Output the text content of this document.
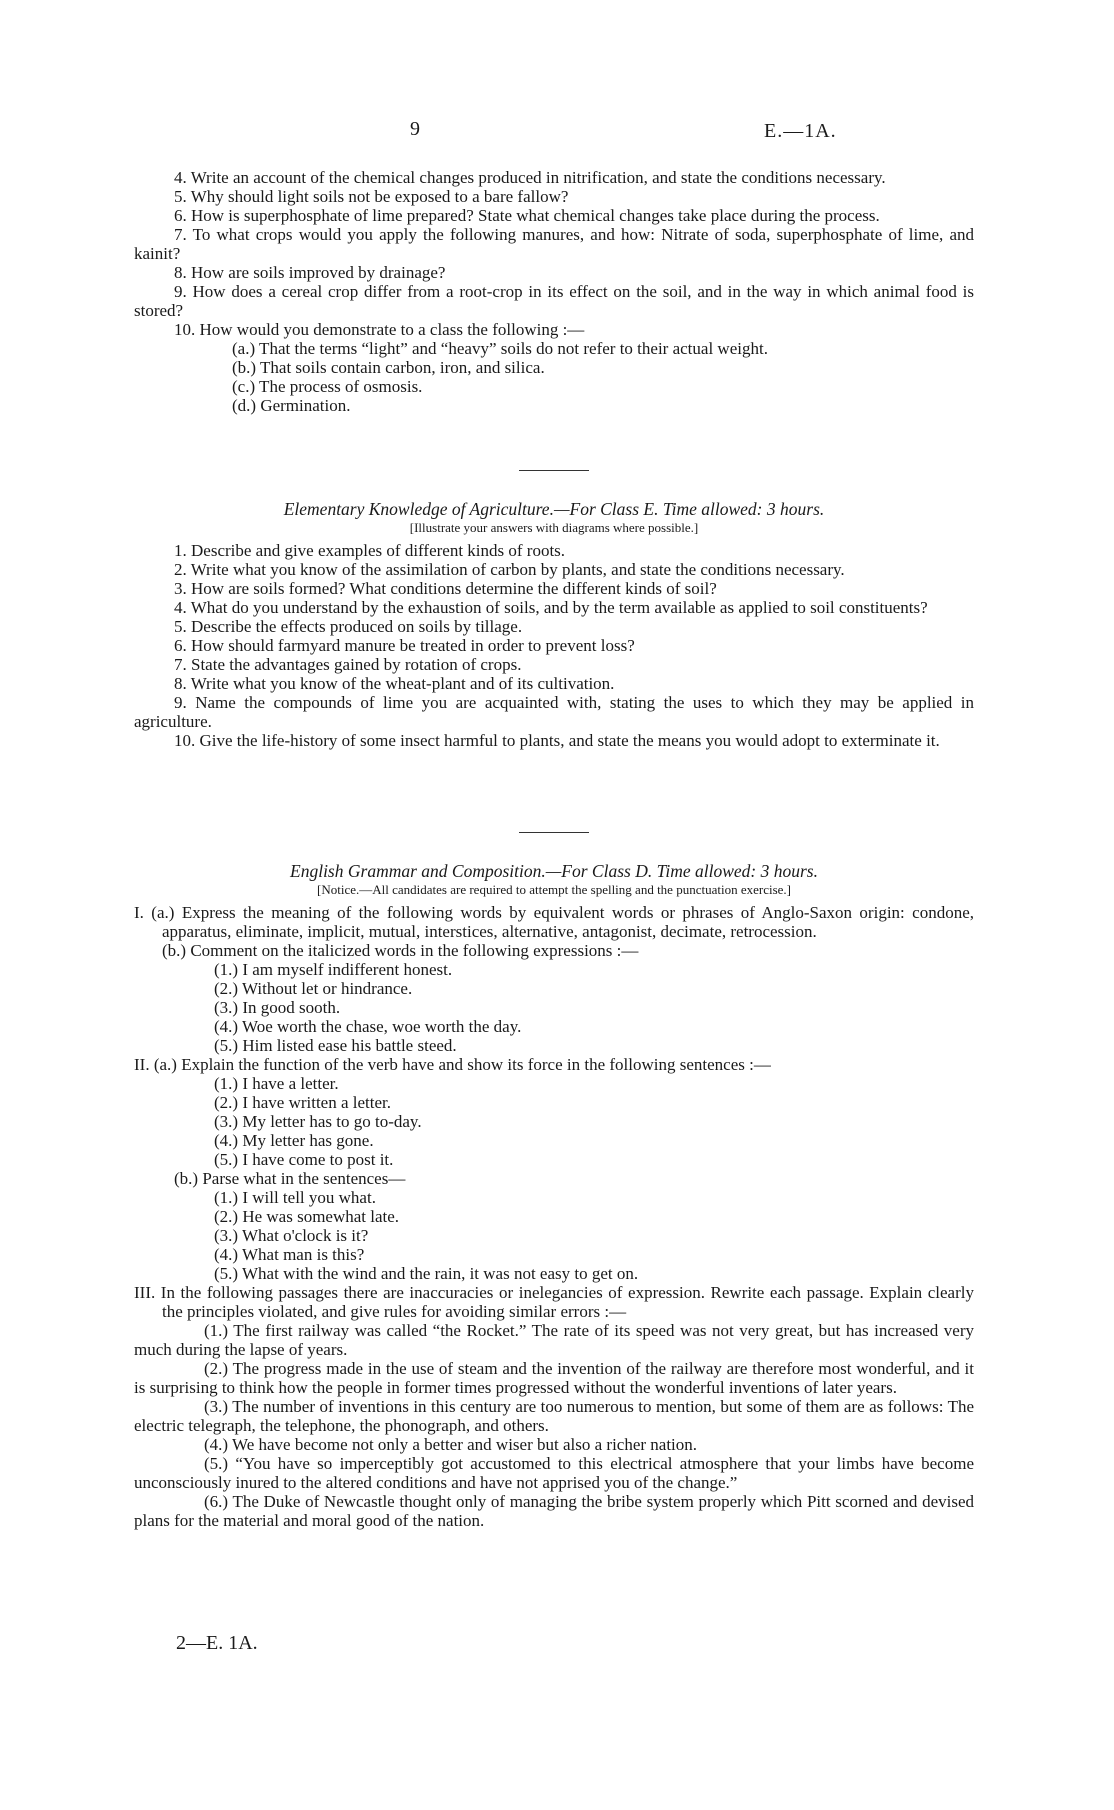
9	E.—1A.

4. Write an account of the chemical changes produced in nitrification, and state the conditions necessary.

5. Why should light soils not be exposed to a bare fallow?

6. How is superphosphate of lime prepared? State what chemical changes take place during the process.

7. To what crops would you apply the following manures, and how: Nitrate of soda, superphosphate of lime, and kainit?

8. How are soils improved by drainage?

9. How does a cereal crop differ from a root-crop in its effect on the soil, and in the way in which animal food is stored?

10. How would you demonstrate to a class the following :—

(a.) That the terms “light” and “heavy” soils do not refer to their actual weight.

(b.) That soils contain carbon, iron, and silica.

(c.) The process of osmosis.

(d.) Germination.

Elementary Knowledge of Agriculture.—For Class E. Time allowed: 3 hours.

[Illustrate your answers with diagrams where possible.]

1. Describe and give examples of different kinds of roots.

2. Write what you know of the assimilation of carbon by plants, and state the conditions necessary.

3. How are soils formed? What conditions determine the different kinds of soil?

4. What do you understand by the exhaustion of soils, and by the term available as applied to soil constituents?

5. Describe the effects produced on soils by tillage.

6. How should farmyard manure be treated in order to prevent loss?

7. State the advantages gained by rotation of crops.

8. Write what you know of the wheat-plant and of its cultivation.

9. Name the compounds of lime you are acquainted with, stating the uses to which they may be applied in agriculture.

10. Give the life-history of some insect harmful to plants, and state the means you would adopt to exterminate it.

English Grammar and Composition.—For Class D. Time allowed: 3 hours.

[Notice.—All candidates are required to attempt the spelling and the punctuation exercise.]

I. (a.) Express the meaning of the following words by equivalent words or phrases of Anglo-Saxon origin: condone, apparatus, eliminate, implicit, mutual, interstices, alternative, antagonist, decimate, retrocession.

(b.) Comment on the italicized words in the following expressions :—

(1.) I am myself indifferent honest.

(2.) Without let or hindrance.

(3.) In good sooth.

(4.) Woe worth the chase, woe worth the day.

(5.) Him listed ease his battle steed.

II. (a.) Explain the function of the verb have and show its force in the following sentences :—

(1.) I have a letter.

(2.) I have written a letter.

(3.) My letter has to go to-day.

(4.) My letter has gone.

(5.) I have come to post it.

(b.) Parse what in the sentences—

(1.) I will tell you what.

(2.) He was somewhat late.

(3.) What o'clock is it?

(4.) What man is this?

(5.) What with the wind and the rain, it was not easy to get on.

III. In the following passages there are inaccuracies or inelegancies of expression. Rewrite each passage. Explain clearly the principles violated, and give rules for avoiding similar errors :—

(1.) The first railway was called “the Rocket.” The rate of its speed was not very great, but has increased very much during the lapse of years.

(2.) The progress made in the use of steam and the invention of the railway are therefore most wonderful, and it is surprising to think how the people in former times progressed without the wonderful inventions of later years.

(3.) The number of inventions in this century are too numerous to mention, but some of them are as follows: The electric telegraph, the telephone, the phonograph, and others.

(4.) We have become not only a better and wiser but also a richer nation.

(5.) “You have so imperceptibly got accustomed to this electrical atmosphere that your limbs have become unconsciously inured to the altered conditions and have not apprised you of the change.”

(6.) The Duke of Newcastle thought only of managing the bribe system properly which Pitt scorned and devised plans for the material and moral good of the nation.

2—E. 1A.
